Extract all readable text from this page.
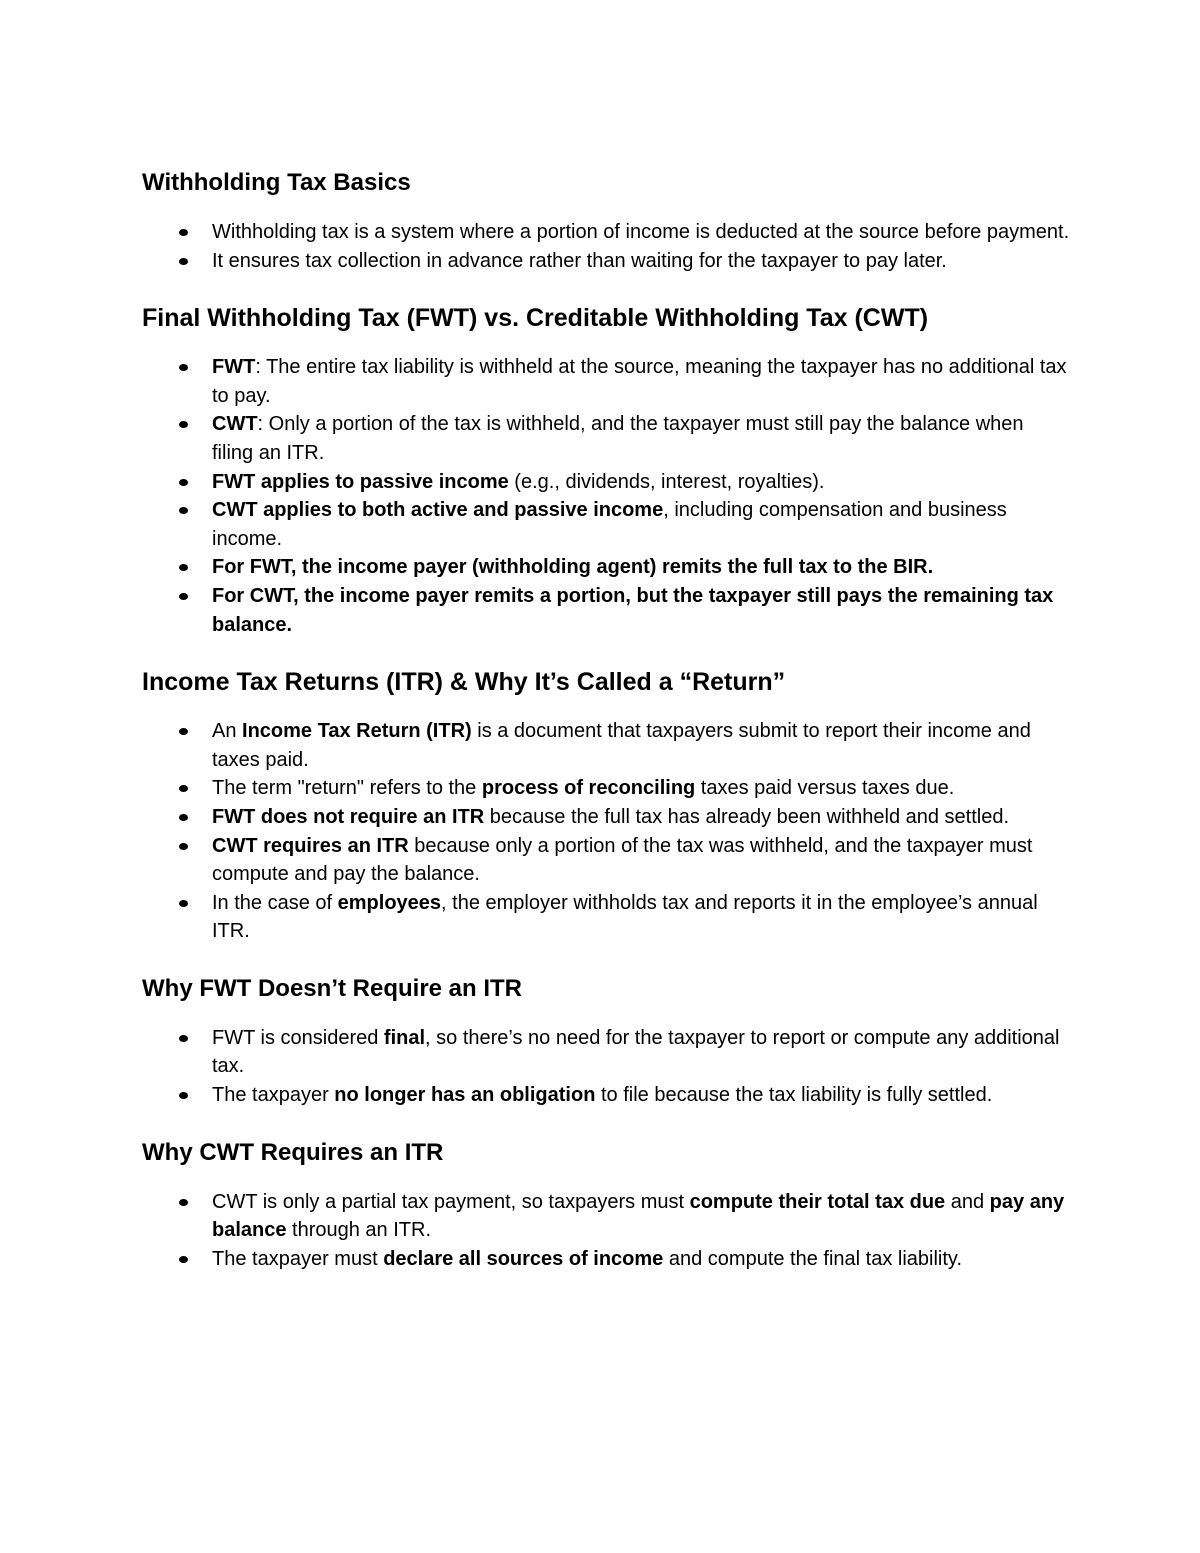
Withholding Tax Basics
Withholding tax is a system where a portion of income is deducted at the source before payment.
It ensures tax collection in advance rather than waiting for the taxpayer to pay later.
Final Withholding Tax (FWT) vs. Creditable Withholding Tax (CWT)
FWT: The entire tax liability is withheld at the source, meaning the taxpayer has no additional tax to pay.
CWT: Only a portion of the tax is withheld, and the taxpayer must still pay the balance when filing an ITR.
FWT applies to passive income (e.g., dividends, interest, royalties).
CWT applies to both active and passive income, including compensation and business income.
For FWT, the income payer (withholding agent) remits the full tax to the BIR.
For CWT, the income payer remits a portion, but the taxpayer still pays the remaining tax balance.
Income Tax Returns (ITR) & Why It’s Called a “Return”
An Income Tax Return (ITR) is a document that taxpayers submit to report their income and taxes paid.
The term "return" refers to the process of reconciling taxes paid versus taxes due.
FWT does not require an ITR because the full tax has already been withheld and settled.
CWT requires an ITR because only a portion of the tax was withheld, and the taxpayer must compute and pay the balance.
In the case of employees, the employer withholds tax and reports it in the employee’s annual ITR.
Why FWT Doesn’t Require an ITR
FWT is considered final, so there’s no need for the taxpayer to report or compute any additional tax.
The taxpayer no longer has an obligation to file because the tax liability is fully settled.
Why CWT Requires an ITR
CWT is only a partial tax payment, so taxpayers must compute their total tax due and pay any balance through an ITR.
The taxpayer must declare all sources of income and compute the final tax liability.
